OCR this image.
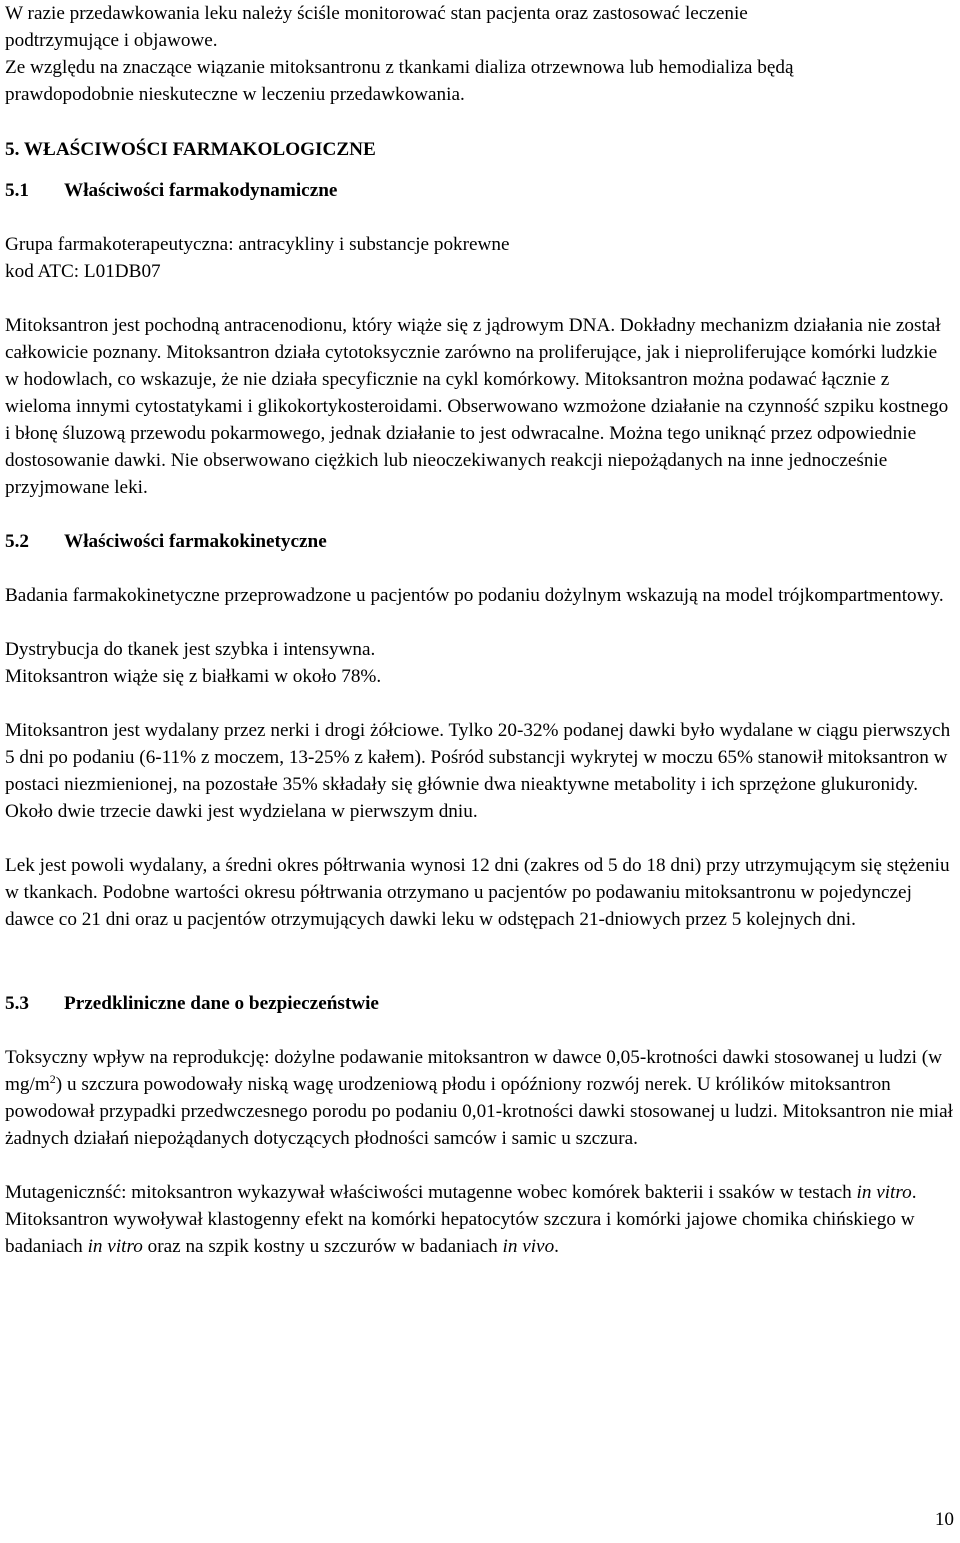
W razie przedawkowania leku należy ściśle monitorować stan pacjenta oraz zastosować leczenie

podtrzymujące i objawowe.

Ze względu na znaczące wiązanie mitoksantronu z tkankami dializa otrzewnowa lub hemodializa będą

prawdopodobnie nieskuteczne w leczeniu przedawkowania.

5. WŁAŚCIWOŚCI FARMAKOLOGICZNE
5.1	Właściwości farmakodynamiczne

Grupa farmakoterapeutyczna: antracykliny i substancje pokrewne

kod ATC: L01DB07

Mitoksantron jest pochodną antracenodionu, który wiąże się z jądrowym DNA. Dokładny mechanizm działania nie został całkowicie poznany. Mitoksantron działa cytotoksycznie zarówno na proliferujące, jak i nieproliferujące komórki ludzkie w hodowlach, co wskazuje, że nie działa specyficznie na cykl komórkowy. Mitoksantron można podawać łącznie z wieloma innymi cytostatykami i glikokortykosteroidami. Obserwowano wzmożone działanie na czynność szpiku kostnego i błonę śluzową przewodu pokarmowego, jednak działanie to jest odwracalne. Można tego uniknąć przez odpowiednie dostosowanie dawki. Nie obserwowano ciężkich lub nieoczekiwanych reakcji niepożądanych na inne jednocześnie przyjmowane leki.

5.2	Właściwości farmakokinetyczne

Badania farmakokinetyczne przeprowadzone u pacjentów po podaniu dożylnym wskazują na model trójkompartmentowy.

Dystrybucja do tkanek jest szybka i intensywna.

Mitoksantron wiąże się z białkami w około 78%.

Mitoksantron jest wydalany przez nerki i drogi żółciowe. Tylko 20-32% podanej dawki było wydalane w ciągu pierwszych 5 dni po podaniu (6-11% z moczem, 13-25% z kałem). Pośród substancji wykrytej w moczu 65% stanowił mitoksantron w postaci niezmienionej, na pozostałe 35% składały się głównie dwa nieaktywne metabolity i ich sprzężone glukuronidy. Około dwie trzecie dawki jest wydzielana w pierwszym dniu.

Lek jest powoli wydalany, a średni okres półtrwania wynosi 12 dni (zakres od 5 do 18 dni) przy utrzymującym się stężeniu w tkankach. Podobne wartości okresu półtrwania otrzymano u pacjentów po podawaniu mitoksantronu w pojedynczej dawce co 21 dni oraz u pacjentów otrzymujących dawki leku w odstępach 21-dniowych przez 5 kolejnych dni.

5.3	Przedkliniczne dane o bezpieczeństwie

Toksyczny wpływ na reprodukcję: dożylne podawanie mitoksantron w dawce 0,05-krotności dawki stosowanej u ludzi (w $mg/m^2$) u szczura powodowały niską wagę urodzeniową płodu i opóźniony rozwój nerek. U królików mitoksantron powodował przypadki przedwczesnego porodu po podaniu 0,01-krotności dawki stosowanej u ludzi. Mitoksantron nie miał żadnych działań niepożądanych dotyczących płodności samców i samic u szczura.

Mutagenicznść: mitoksantron wykazywał właściwości mutagenne wobec komórek bakterii i ssaków w testach in vitro. Mitoksantron wywoływał klastogenny efekt na komórki hepatocytów szczura i komórki jajowe chomika chińskiego w badaniach in vitro oraz na szpik kostny u szczurów w badaniach in vivo.

10
